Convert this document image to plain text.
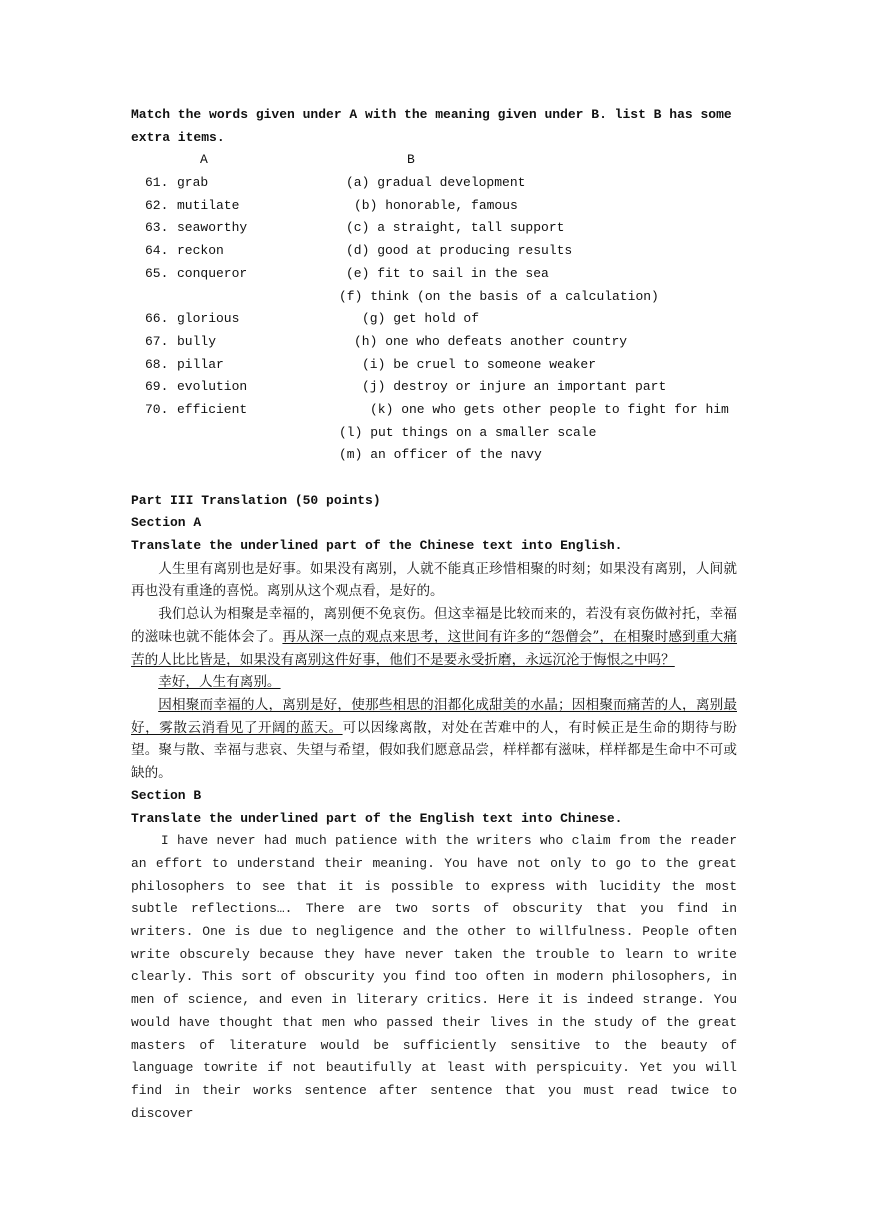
Match the words given under A with the meaning given under B. list B has some extra items.

A

	B

61. grab	(a) gradual development
62. mutilate	(b) honorable, famous
63. seaworthy	(c) a straight, tall support
64. reckon	(d) good at producing results
65. conqueror	(e) fit to sail in the sea
(f) think (on the basis of a calculation)
66. glorious	(g) get hold of
67. bully	(h) one who defeats another country
68. pillar	(i) be cruel to someone weaker
69. evolution	(j) destroy or injure an important part
70. efficient	(k) one who gets other people to fight for him
(l) put things on a smaller scale
(m) an officer of the navy
Part III Translation (50 points)
Section A
Translate the underlined part of the Chinese text into English.

人生里有离别也是好事。如果没有离别，人就不能真正珍惜相聚的时刻；如果没有离别，人间就再也没有重逢的喜悦。离别从这个观点看，是好的。

我们总认为相聚是幸福的，离别便不免哀伤。但这幸福是比较而来的，若没有哀伤做衬托，幸福的滋味也就不能体会了。再从深一点的观点来思考，这世间有许多的“怨僧会”，在相聚时感到重大痛苦的人比比皆是，如果没有离别这件好事，他们不是要永受折磨，永远沉沦于悔恨之中吗？

幸好，人生有离别。

因相聚而幸福的人，离别是好，使那些相思的泪都化成甜美的水晶；因相聚而痛苦的人，离别最好，雾散云消看见了开阔的蓝天。可以因缘离散，对处在苦难中的人，有时候正是生命的期待与盼望。聚与散、幸福与悲哀、失望与希望，假如我们愿意品尝，样样都有滋味，样样都是生命中不可或缺的。

Section B
Translate the underlined part of the English text into Chinese.

I have never had much patience with the writers who claim from the reader an effort to understand their meaning. You have not only to go to the great philosophers to see that it is possible to express with lucidity the most subtle reflections…. There are two sorts of obscurity that you find in writers. One is due to negligence and the other to willfulness. People often write obscurely because they have never taken the trouble to learn to write clearly. This sort of obscurity you find too often in modern philosophers, in men of science, and even in literary critics. Here it is indeed strange. You would have thought that men who passed their lives in the study of the great masters of literature would be sufficiently sensitive to the beauty of language towrite if not beautifully at least with perspicuity. Yet you will find in their works sentence after sentence that you must read twice to discover
